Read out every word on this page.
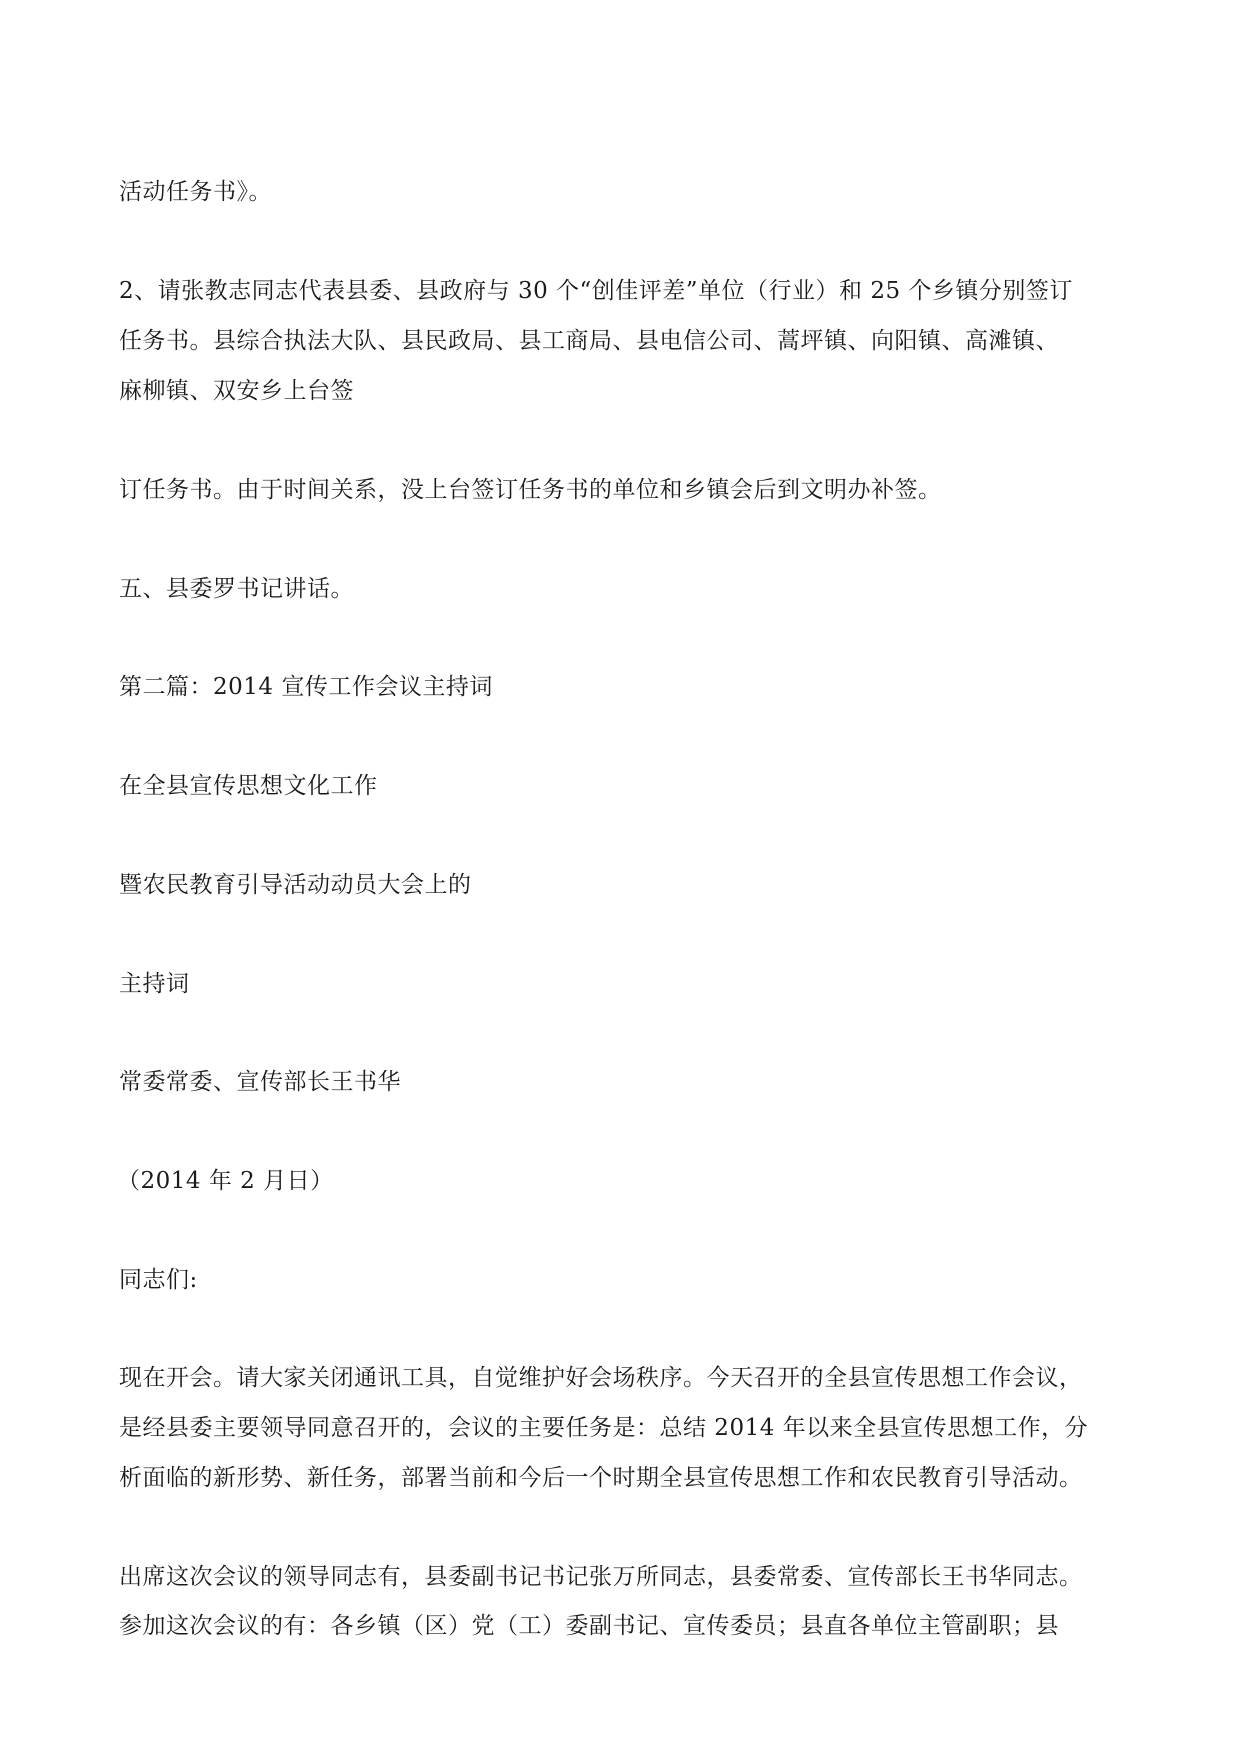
活动任务书》。

2、请张教志同志代表县委、县政府与 30 个“创佳评差”单位（行业）和 25 个乡镇分别签订

任务书。县综合执法大队、县民政局、县工商局、县电信公司、蒿坪镇、向阳镇、高滩镇、

麻柳镇、双安乡上台签

订任务书。由于时间关系，没上台签订任务书的单位和乡镇会后到文明办补签。

五、县委罗书记讲话。

第二篇：2014 宣传工作会议主持词

在全县宣传思想文化工作

暨农民教育引导活动动员大会上的

主持词

常委常委、宣传部长王书华

（2014 年 2 月日）

同志们:

现在开会。请大家关闭通讯工具，自觉维护好会场秩序。今天召开的全县宣传思想工作会议，

是经县委主要领导同意召开的，会议的主要任务是：总结 2014 年以来全县宣传思想工作，分

析面临的新形势、新任务，部署当前和今后一个时期全县宣传思想工作和农民教育引导活动。

出席这次会议的领导同志有，县委副书记书记张万所同志，县委常委、宣传部长王书华同志。

参加这次会议的有：各乡镇（区）党（工）委副书记、宣传委员；县直各单位主管副职；县
